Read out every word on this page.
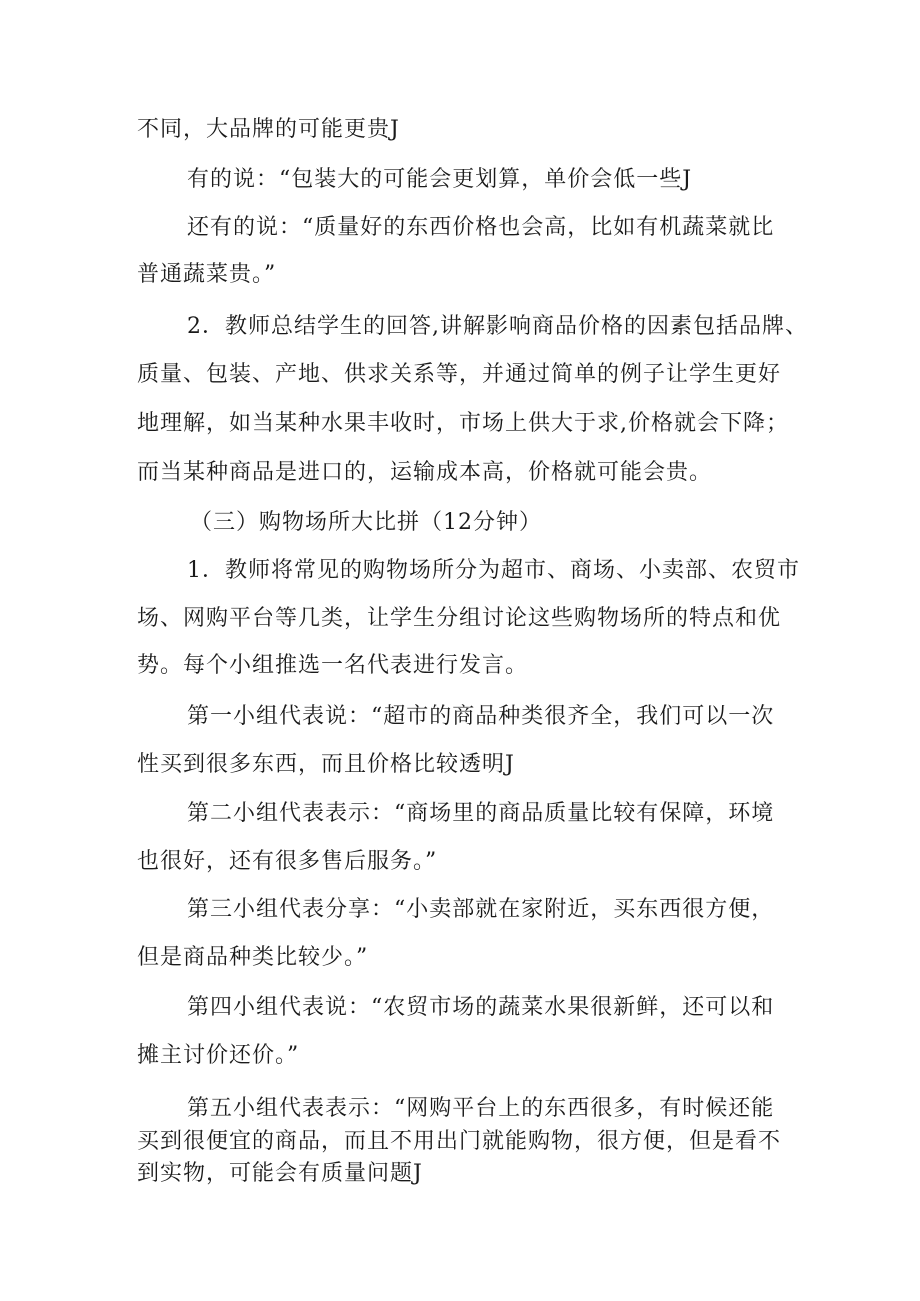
不同，大品牌的可能更贵J
有的说：“包装大的可能会更划算，单价会低一些J
还有的说：“质量好的东西价格也会高，比如有机蔬菜就比
普通蔬菜贵。”
2．教师总结学生的回答,讲解影响商品价格的因素包括品牌、
质量、包装、产地、供求关系等，并通过简单的例子让学生更好
地理解，如当某种水果丰收时，市场上供大于求,价格就会下降；
而当某种商品是进口的，运输成本高，价格就可能会贵。
（三）购物场所大比拼（12分钟）
1．教师将常见的购物场所分为超市、商场、小卖部、农贸市
场、网购平台等几类，让学生分组讨论这些购物场所的特点和优
势。每个小组推选一名代表进行发言。
第一小组代表说：“超市的商品种类很齐全，我们可以一次
性买到很多东西，而且价格比较透明J
第二小组代表表示：“商场里的商品质量比较有保障，环境
也很好，还有很多售后服务。”
第三小组代表分享：“小卖部就在家附近，买东西很方便，
但是商品种类比较少。”
第四小组代表说：“农贸市场的蔬菜水果很新鲜，还可以和
摊主讨价还价。”
第五小组代表表示：“网购平台上的东西很多，有时候还能
买到很便宜的商品，而且不用出门就能购物，很方便，但是看不
到实物，可能会有质量问题J
